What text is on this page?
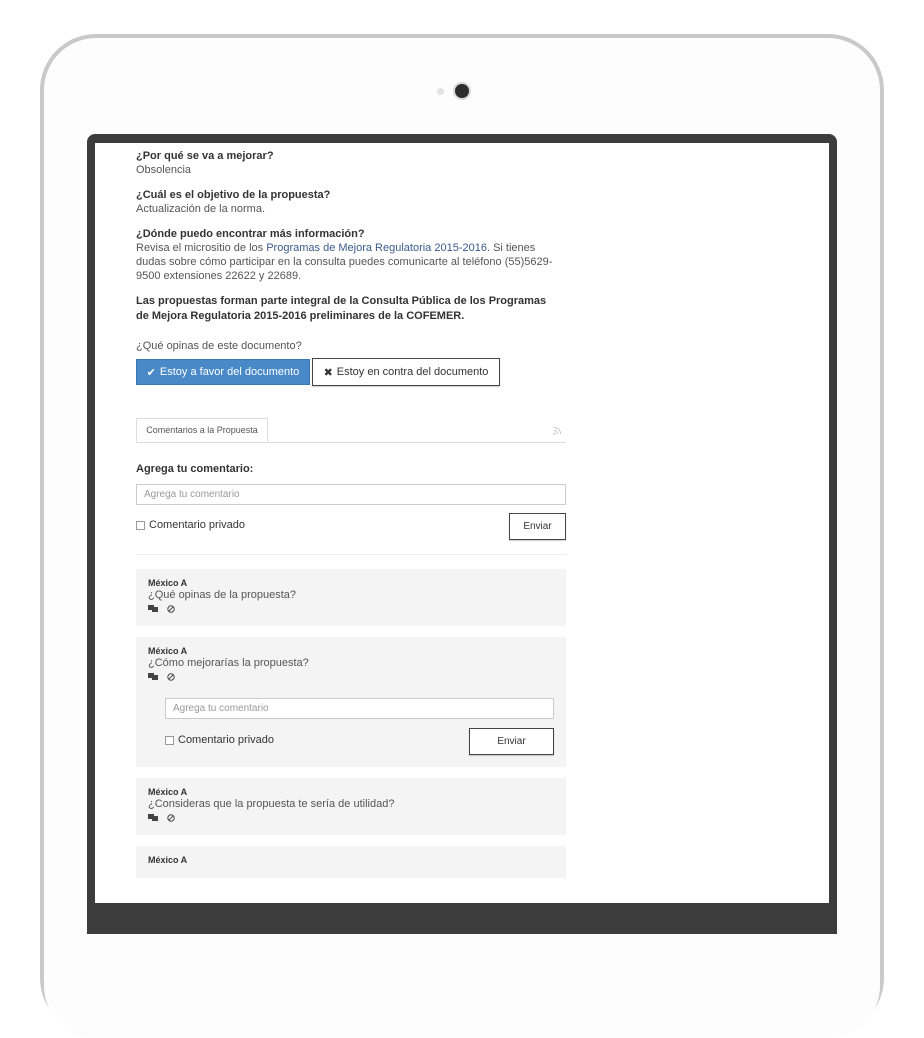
¿Por qué se va a mejorar?
Obsolencia
¿Cuál es el objetivo de la propuesta?
Actualización de la norma.
¿Dónde puedo encontrar más información?
Revisa el micrositio de los Programas de Mejora Regulatoria 2015-2016. Si tienes dudas sobre cómo participar en la consulta puedes comunicarte al teléfono (55)5629-9500 extensiones 22622 y 22689.
Las propuestas forman parte integral de la Consulta Pública de los Programas de Mejora Regulatoria 2015-2016 preliminares de la COFEMER.
¿Qué opinas de este documento?
✔ Estoy a favor del documento ✖ Estoy en contra del documento
Comentarios a la Propuesta
Agrega tu comentario:
Agrega tu comentario
Comentario privado	Enviar
México A
¿Qué opinas de la propuesta?
México A
¿Cómo mejorarías la propuesta?
Agrega tu comentario
Comentario privado	Enviar
México A
¿Consideras que la propuesta te sería de utilidad?
México A
